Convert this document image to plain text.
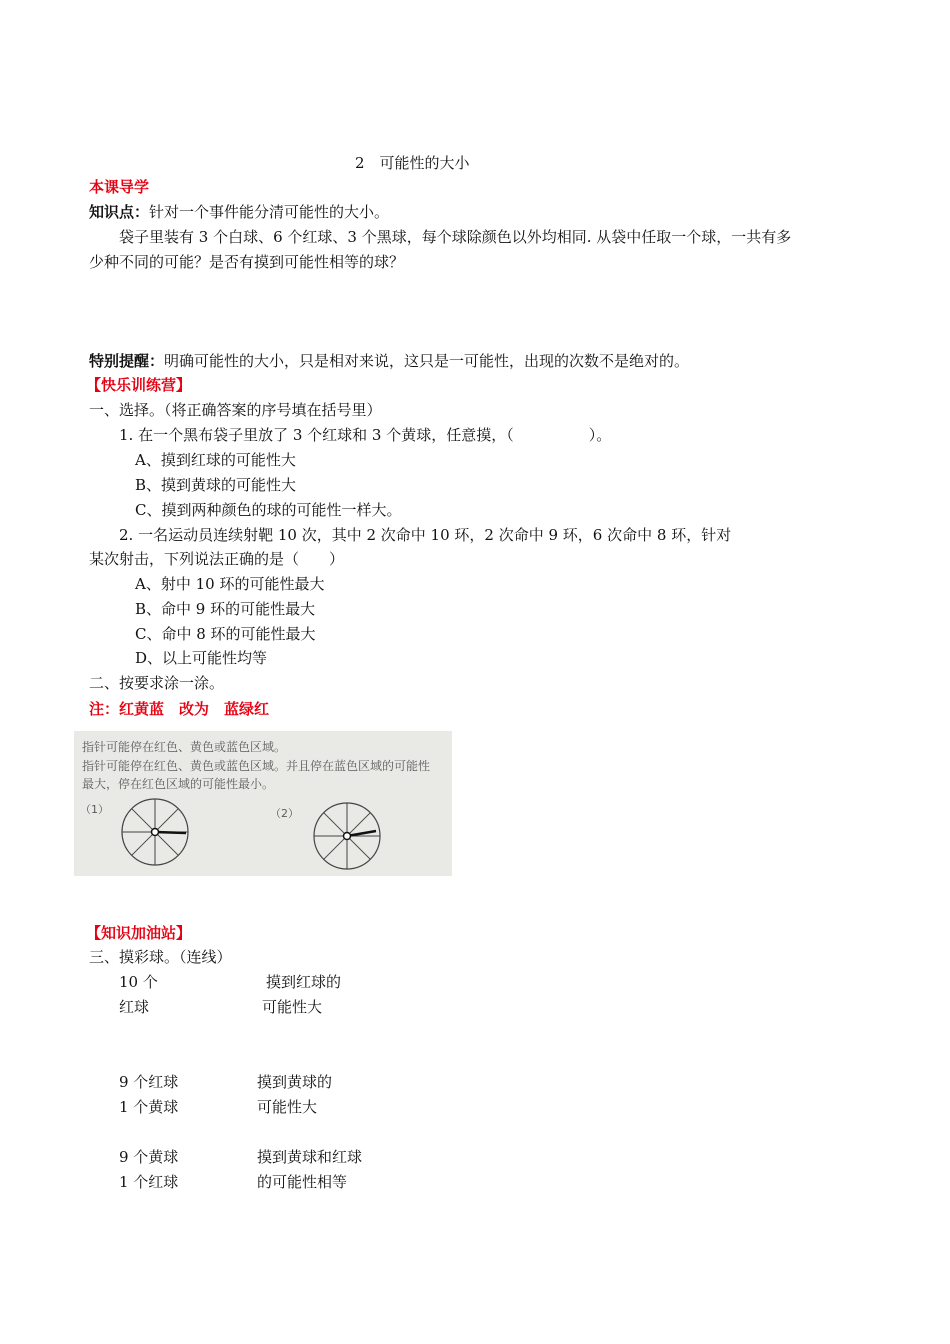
2　可能性的大小
本课导学
知识点：针对一个事件能分清可能性的大小。
袋子里装有 3 个白球、6 个红球、3 个黑球，每个球除颜色以外均相同. 从袋中任取一个球，一共有多
少种不同的可能？是否有摸到可能性相等的球？
特别提醒：明确可能性的大小，只是相对来说，这只是一可能性，出现的次数不是绝对的。
【快乐训练营】
一、选择。（将正确答案的序号填在括号里）
1. 在一个黑布袋子里放了 3 个红球和 3 个黄球，任意摸，（　　　　　）。
A、摸到红球的可能性大
B、摸到黄球的可能性大
C、摸到两种颜色的球的可能性一样大。
2. 一名运动员连续射靶 10 次，其中 2 次命中 10 环，2 次命中 9 环，6 次命中 8 环，针对
某次射击，下列说法正确的是（　　）
A、射中 10 环的可能性最大
B、命中 9 环的可能性最大
C、命中 8 环的可能性最大
D、以上可能性均等
二、按要求涂一涂。
注：红黄蓝　改为　蓝绿红
指针可能停在红色、黄色或蓝色区域。
指针可能停在红色、黄色或蓝色区域。并且停在蓝色区域的可能性
最大，停在红色区域的可能性最小。
（1）	（2）
【知识加油站】
三、摸彩球。（连线）
10 个
红球
摸到红球的
可能性大
9 个红球
1 个黄球
摸到黄球的
可能性大
9 个黄球
1 个红球
摸到黄球和红球
的可能性相等
